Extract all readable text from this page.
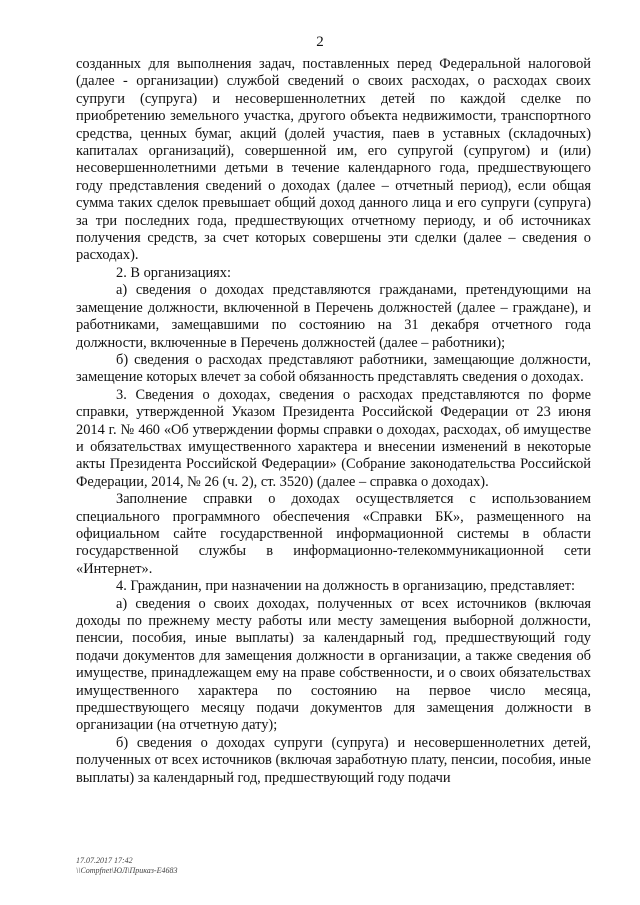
2

созданных для выполнения задач, поставленных перед Федеральной налоговой (далее - организации) службой сведений о своих расходах, о расходах своих супруги (супруга) и несовершеннолетних детей по каждой сделке по приобретению земельного участка, другого объекта недвижимости, транспортного средства, ценных бумаг, акций (долей участия, паев в уставных (складочных) капиталах организаций), совершенной им, его супругой (супругом) и (или) несовершеннолетними детьми в течение календарного года, предшествующего году представления сведений о доходах (далее – отчетный период), если общая сумма таких сделок превышает общий доход данного лица и его супруги (супруга) за три последних года, предшествующих отчетному периоду, и об источниках получения средств, за счет которых совершены эти сделки (далее – сведения о расходах).

2. В организациях:

а) сведения о доходах представляются гражданами, претендующими на замещение должности, включенной в Перечень должностей (далее – граждане), и работниками, замещавшими по состоянию на 31 декабря отчетного года должности, включенные в Перечень должностей (далее – работники);

б) сведения о расходах представляют работники, замещающие должности, замещение которых влечет за собой обязанность представлять сведения о доходах.

3. Сведения о доходах, сведения о расходах представляются по форме справки, утвержденной Указом Президента Российской Федерации от 23 июня 2014 г. № 460 «Об утверждении формы справки о доходах, расходах, об имуществе и обязательствах имущественного характера и внесении изменений в некоторые акты Президента Российской Федерации» (Собрание законодательства Российской Федерации, 2014, № 26 (ч. 2), ст. 3520) (далее – справка о доходах).

Заполнение справки о доходах осуществляется с использованием специального программного обеспечения «Справки БК», размещенного на официальном сайте государственной информационной системы в области государственной службы в информационно-телекоммуникационной сети «Интернет».

4. Гражданин, при назначении на должность в организацию, представляет:

а) сведения о своих доходах, полученных от всех источников (включая доходы по прежнему месту работы или месту замещения выборной должности, пенсии, пособия, иные выплаты) за календарный год, предшествующий году подачи документов для замещения должности в организации, а также сведения об имуществе, принадлежащем ему на праве собственности, и о своих обязательствах имущественного характера по состоянию на первое число месяца, предшествующего месяцу подачи документов для замещения должности в организации (на отчетную дату);

б) сведения о доходах супруги (супруга) и несовершеннолетних детей, полученных от всех источников (включая заработную плату, пенсии, пособия, иные выплаты) за календарный год, предшествующий году подачи

17.07.2017 17:42
\\Compfnet\ЮЛ\Приказ-Е4683
